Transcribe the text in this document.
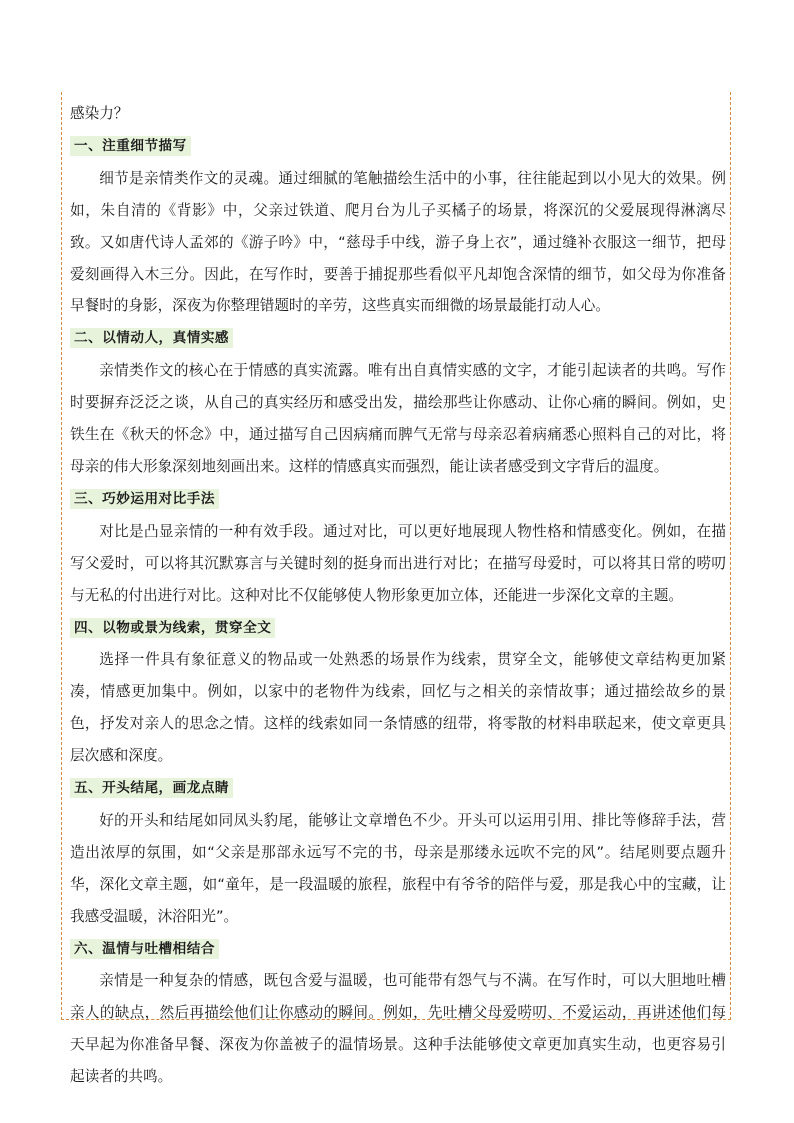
感染力？

一、注重细节描写

细节是亲情类作文的灵魂。通过细腻的笔触描绘生活中的小事，往往能起到以小见大的效果。例如，朱自清的《背影》中，父亲过铁道、爬月台为儿子买橘子的场景，将深沉的父爱展现得淋漓尽致。又如唐代诗人孟郊的《游子吟》中，“慈母手中线，游子身上衣”，通过缝补衣服这一细节，把母爱刻画得入木三分。因此，在写作时，要善于捕捉那些看似平凡却饱含深情的细节，如父母为你准备早餐时的身影，深夜为你整理错题时的辛劳，这些真实而细微的场景最能打动人心。

二、以情动人，真情实感

亲情类作文的核心在于情感的真实流露。唯有出自真情实感的文字，才能引起读者的共鸣。写作时要摒弃泛泛之谈，从自己的真实经历和感受出发，描绘那些让你感动、让你心痛的瞬间。例如，史铁生在《秋天的怀念》中，通过描写自己因病痛而脾气无常与母亲忍着病痛悉心照料自己的对比，将母亲的伟大形象深刻地刻画出来。这样的情感真实而强烈，能让读者感受到文字背后的温度。

三、巧妙运用对比手法

对比是凸显亲情的一种有效手段。通过对比，可以更好地展现人物性格和情感变化。例如，在描写父爱时，可以将其沉默寡言与关键时刻的挺身而出进行对比；在描写母爱时，可以将其日常的唠叨与无私的付出进行对比。这种对比不仅能够使人物形象更加立体，还能进一步深化文章的主题。

四、以物或景为线索，贯穿全文

选择一件具有象征意义的物品或一处熟悉的场景作为线索，贯穿全文，能够使文章结构更加紧凑，情感更加集中。例如，以家中的老物件为线索，回忆与之相关的亲情故事；通过描绘故乡的景色，抒发对亲人的思念之情。这样的线索如同一条情感的纽带，将零散的材料串联起来，使文章更具层次感和深度。

五、开头结尾，画龙点睛

好的开头和结尾如同凤头豹尾，能够让文章增色不少。开头可以运用引用、排比等修辞手法，营造出浓厚的氛围，如“父亲是那部永远写不完的书，母亲是那缕永远吹不完的风”。结尾则要点题升华，深化文章主题，如“童年，是一段温暖的旅程，旅程中有爷爷的陪伴与爱，那是我心中的宝藏，让我感受温暖，沐浴阳光”。

六、温情与吐槽相结合

亲情是一种复杂的情感，既包含爱与温暖，也可能带有怨气与不满。在写作时，可以大胆地吐槽亲人的缺点，然后再描绘他们让你感动的瞬间。例如，先吐槽父母爱唠叨、不爱运动，再讲述他们每天早起为你准备早餐、深夜为你盖被子的温情场景。这种手法能够使文章更加真实生动，也更容易引起读者的共鸣。
